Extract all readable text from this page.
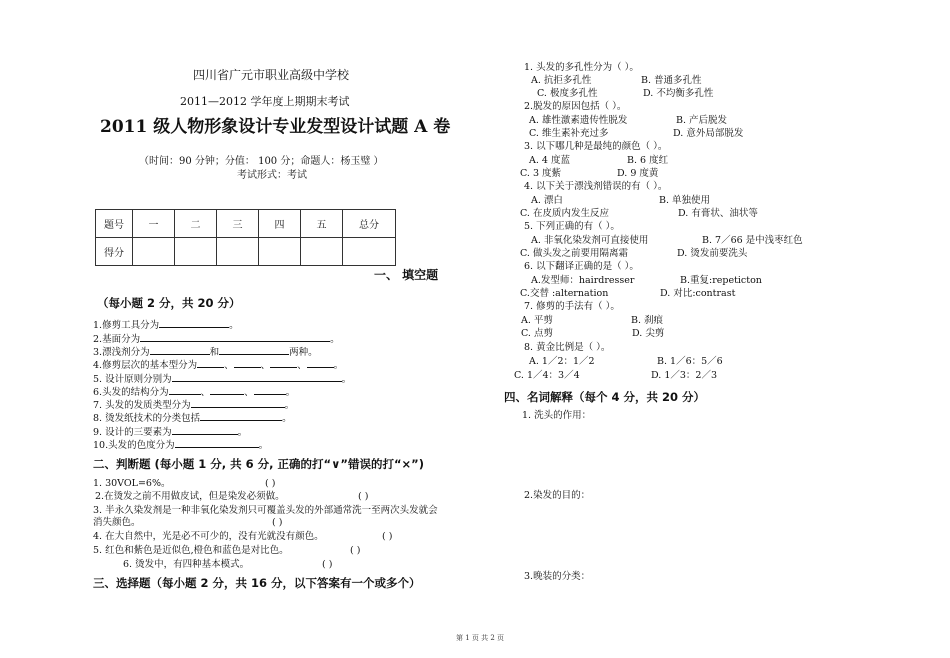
四川省广元市职业高级中学校
2011—2012 学年度上期期末考试
2011 级人物形象设计专业发型设计试题 A 卷
（时间：90 分钟；分值： 100 分；命题人：杨玉璧 ）
考试形式：考试
题号	一	二	三	四	五	总分
得分						
一、 填空题
（每小题 2 分，共 20 分）
1.修剪工具分为	。
2.基面分为	。
3.漂浅剂分为	和	两种。
4.修剪层次的基本型分为	、	、	、	。
5. 设计原则分别为	。
6.头发的结构分为	、	、	。
7. 头发的发质类型分为	。
8. 烫发纸技术的分类包括	。
9. 设计的三要素为	。
10.头发的色度分为	。
二、判断题 (每小题 1 分, 共 6 分, 正确的打“∨”错误的打“×”)
1. 30VOL=6%。	( )
2.在烫发之前不用做皮试，但是染发必须做。	( )
3. 半永久染发剂是一种非氧化染发剂只可覆盖头发的外部通常洗一至两次头发就会
消失颜色。	( )
4. 在大自然中，光是必不可少的，没有光就没有颜色。	( )
5. 红色和紫色是近似色,橙色和蓝色是对比色。	( )
6. 烫发中，有四种基本模式。	( )
三、选择题（每小题 2 分，共 16 分，以下答案有一个或多个）
1. 头发的多孔性分为（ ）。
A. 抗拒多孔性	B. 普通多孔性
C. 极度多孔性	D. 不均衡多孔性
2.脱发的原因包括（ ）。
A. 雄性激素遗传性脱发	B. 产后脱发
C. 维生素补充过多	D. 意外局部脱发
3. 以下哪几种是最纯的颜色（ ）。
A. 4 度蓝	B. 6 度红
C. 3 度紫	D. 9 度黄
4. 以下关于漂浅剂错误的有（ ）。
A. 漂白	B. 单独使用
C. 在皮质内发生反应	D. 有膏状、油状等
5. 下列正确的有（ ）。
A. 非氧化染发剂可直接使用	B. 7／66 是中浅枣红色
C. 做头发之前要用隔离霜	D. 烫发前要洗头
6. 以下翻译正确的是（ ）。
A.发型师：hairdresser	B.重复:repeticton
C.交替 :alternation	D. 对比:contrast
7. 修剪的手法有（ ）。
A. 平剪	B. 刹痕
C. 点剪	D. 尖剪
8. 黄金比例是（ ）。
A. 1／2：1／2	B. 1／6：5／6
C. 1／4：3／4	D. 1／3：2／3
四、名词解释（每个 4 分，共 20 分）
1. 洗头的作用：
2.染发的目的：
3.晚装的分类：
第 1 页 共 2 页
